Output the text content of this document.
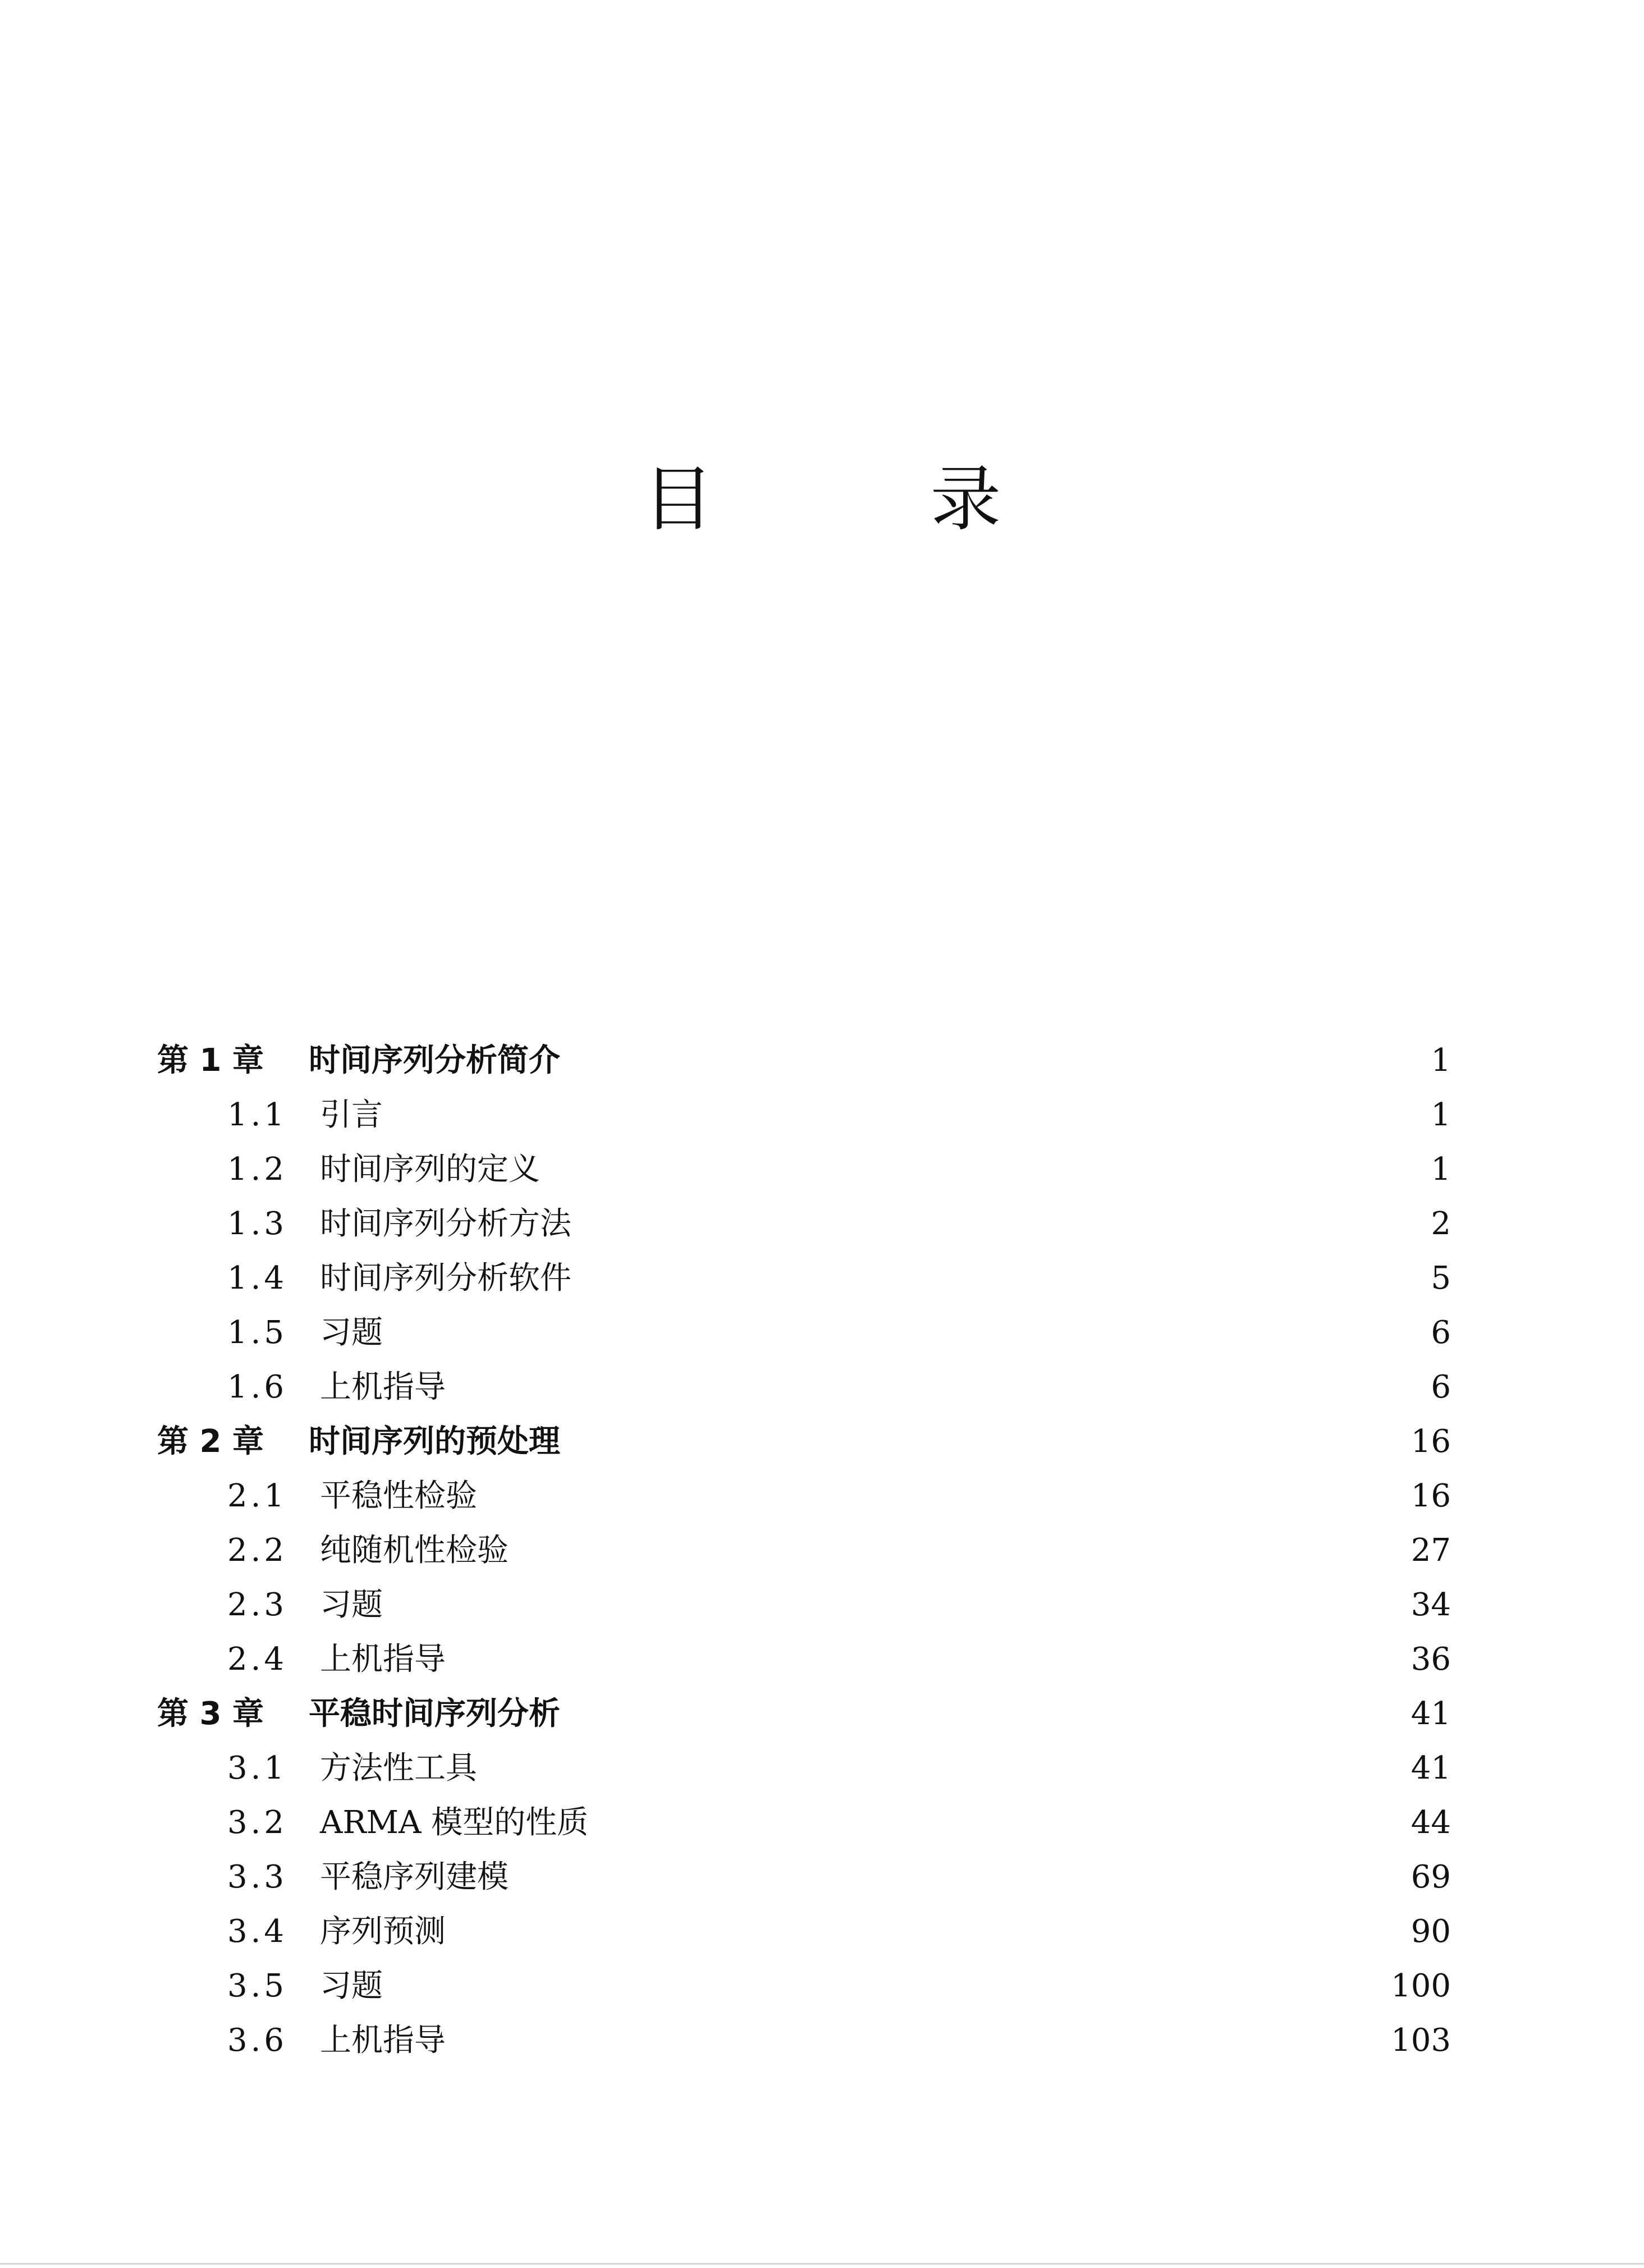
目　录
第 1 章	时间序列分析简介	1
1.1	引言	1
1.2	时间序列的定义	1
1.3	时间序列分析方法	2
1.4	时间序列分析软件	5
1.5	习题	6
1.6	上机指导	6
第 2 章	时间序列的预处理	16
2.1	平稳性检验	16
2.2	纯随机性检验	27
2.3	习题	34
2.4	上机指导	36
第 3 章	平稳时间序列分析	41
3.1	方法性工具	41
3.2	ARMA 模型的性质	44
3.3	平稳序列建模	69
3.4	序列预测	90
3.5	习题	100
3.6	上机指导	103
